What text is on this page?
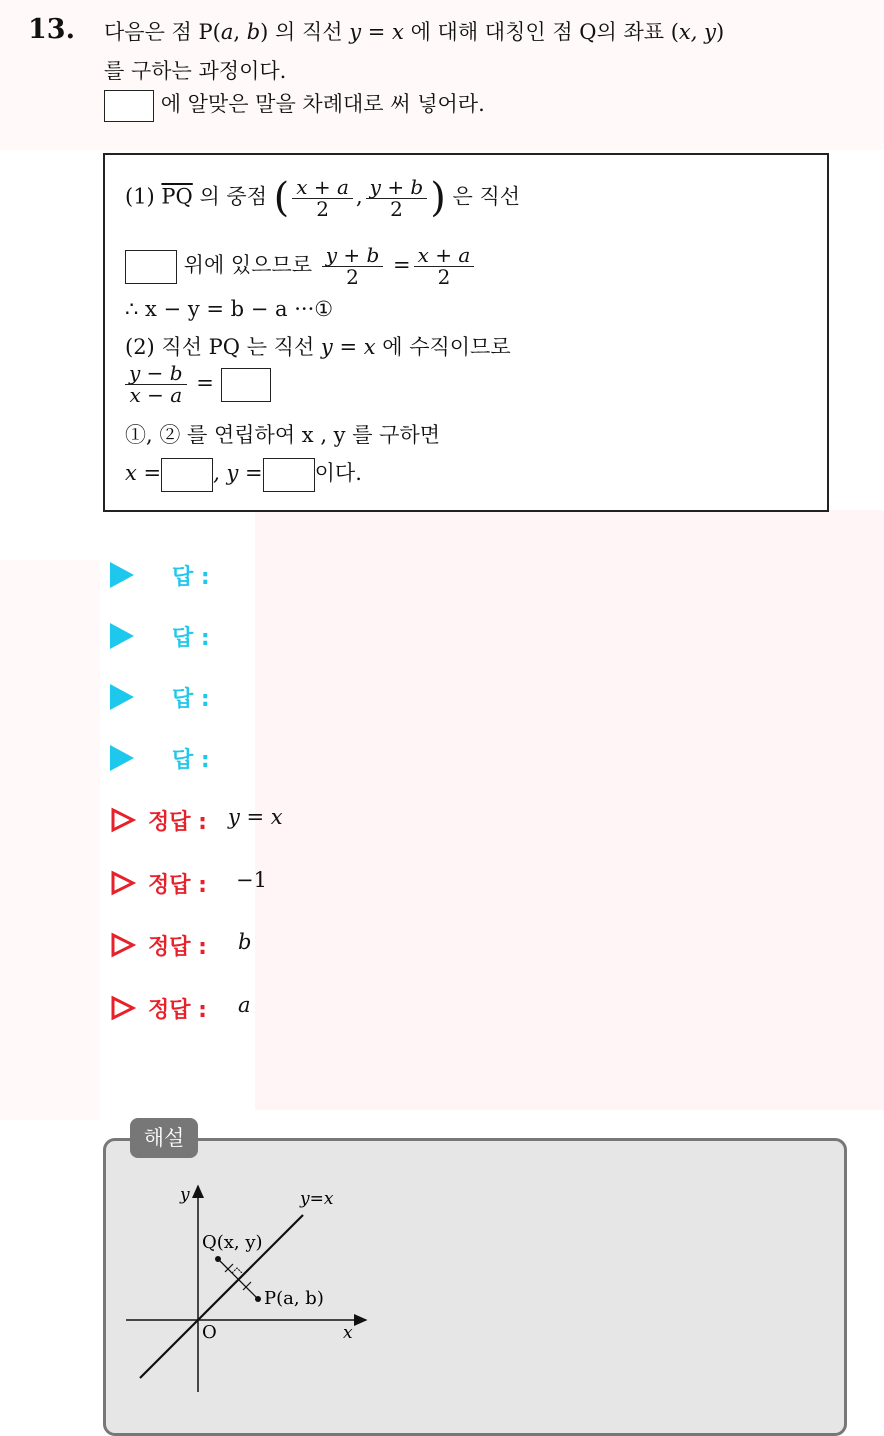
13. 다음은 점 P(a, b) 의 직선 y = x 에 대해 대칭인 점 Q의 좌표 (x, y)
를 구하는 과정이다.
에 알맞은 말을 차례대로 써 넣어라.
(1) $\overline{PQ}$ 의 중점 ( $\frac{x + a}{2}$ , $\frac{y + b}{2}$ ) 은 직선
위에 있으므로 $\frac{y + b}{2} = \frac{x + a}{2}$
∴ x − y = b − a ···①
(2) 직선 PQ 는 직선 y = x 에 수직이므로
$\frac{y - b}{x - a}$ =
①, ② 를 연립하여 x , y 를 구하면
x = , y = 이다.
답 :
답 :
답 :
답 :
정답 : y = x
정답 : −1
정답 : b
정답 : a
해설
y
x
y=x
Q(x, y)
P(a, b)
O
